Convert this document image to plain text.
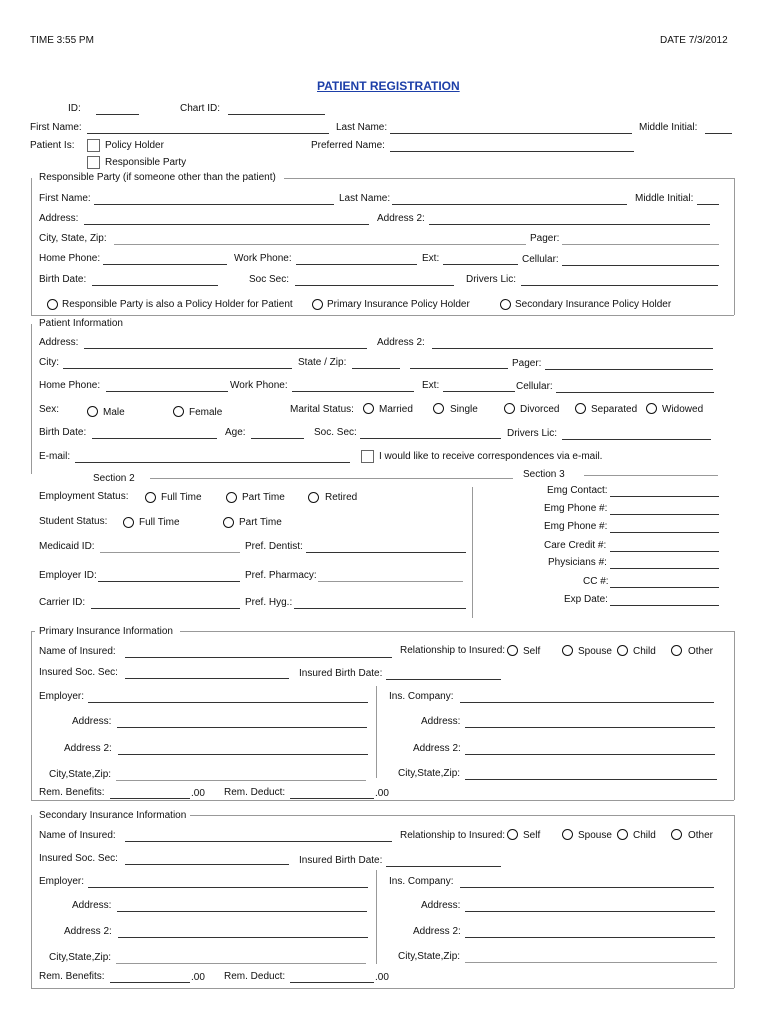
TIME 3:55 PM	DATE 7/3/2012
PATIENT REGISTRATION
ID:	Chart ID:
First Name:	Last Name:	Middle Initial:
Patient Is:	Policy Holder
Responsible Party
Preferred Name:
Responsible Party (if someone other than the patient)
First Name:	Last Name:	Middle Initial:
Address:	Address 2:
City, State, Zip:	Pager:
Home Phone:	Work Phone:	Ext:	Cellular:
Birth Date:	Soc Sec:	Drivers Lic:
Responsible Party is also a Policy Holder for Patient	Primary Insurance Policy Holder	Secondary Insurance Policy Holder
Patient Information
Address:	Address 2:
City:	State / Zip:	Pager:
Home Phone:	Work Phone:	Ext:	Cellular:
Sex:	Male	Female	Marital Status:	Married	Single	Divorced	Separated Widowed
Birth Date:	Age:	Soc. Sec:	Drivers Lic:
E-mail:	I would like to receive correspondences via e-mail.
Section 2
Employment Status:	Full Time	Part Time	Retired
Student Status:	Full Time	Part Time
Medicaid ID:	Pref. Dentist:
Employer ID:	Pref. Pharmacy:
Carrier ID:	Pref. Hyg.:
Section 3
Emg Contact:
Emg Phone #:
Emg Phone #:
Care Credit #:
Physicians #:
CC #:
Exp Date:
Primary Insurance Information
Name of Insured:	Relationship to Insured: Self	Spouse Child	Other
Insured Soc. Sec:	Insured Birth Date:
Employer:	Ins. Company:
Address:	Address:
Address 2:	Address 2:
City,State,Zip:	City,State,Zip:
Rem. Benefits:	.00 Rem. Deduct:	.00
Secondary Insurance Information
Name of Insured:	Relationship to Insured: Self	Spouse Child	Other
Insured Soc. Sec:	Insured Birth Date:
Employer:	Ins. Company:
Address:	Address:
Address 2:	Address 2:
City,State,Zip:	City,State,Zip:
Rem. Benefits:	.00 Rem. Deduct:	.00
